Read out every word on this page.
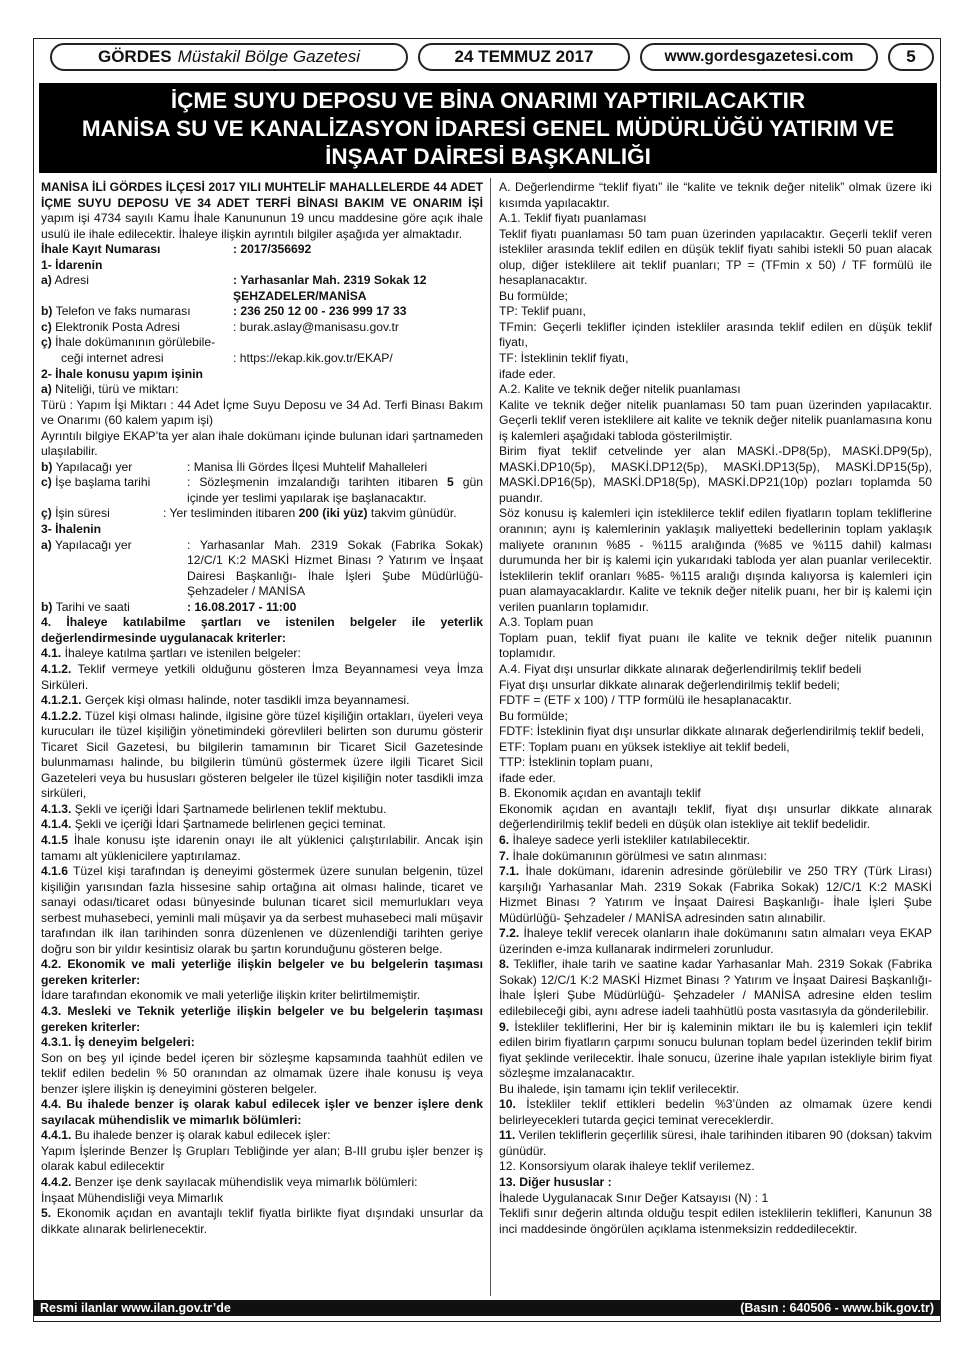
GÖRDES Müstakil Bölge Gazetesi	24 TEMMUZ 2017	www.gordesgazetesi.com	5
İÇME SUYU DEPOSU VE BİNA ONARIMI YAPTIRILACAKTIR
MANİSA SU VE KANALİZASYON İDARESİ GENEL MÜDÜRLÜĞÜ YATIRIM VE
İNŞAAT DAİRESİ BAŞKANLIĞI

MANİSA İLİ GÖRDES İLÇESİ 2017 YILI MUHTELİF MAHALLELERDE 44 ADET İÇME SUYU DEPOSU VE 34 ADET TERFİ BİNASI BAKIM VE ONARIM İŞİ yapım işi 4734 sayılı Kamu İhale Kanununun 19 uncu maddesine göre açık ihale usulü ile ihale edilecektir. İhaleye ilişkin ayrıntılı bilgiler aşağıda yer almaktadır.

İhale Kayıt Numarası	: 2017/356692

1- İdarenin

a) Adresi	: Yarhasanlar Mah. 2319 Sokak 12 ŞEHZADELER/MANİSA
b) Telefon ve faks numarası	: 236 250 12 00 - 236 999 17 33
c) Elektronik Posta Adresi	: burak.aslay@manisasu.gov.tr

ç) İhale dokümanının görülebile-

ceği internet adresi	: https://ekap.kik.gov.tr/EKAP/

2- İhale konusu yapım işinin

a) Niteliği, türü ve miktarı:

Türü : Yapım İşi Miktarı : 44 Adet İçme Suyu Deposu ve 34 Ad. Terfi Binası Bakım ve Onarımı (60 kalem yapım işi)

Ayrıntılı bilgiye EKAP’ta yer alan ihale dokümanı içinde bulunan idari şartnameden ulaşılabilir.

b) Yapılacağı yer	: Manisa İli Gördes İlçesi Muhtelif Mahalleleri
c) İşe başlama tarihi	: Sözleşmenin imzalandığı tarihten itibaren 5 gün içinde yer teslimi yapılarak işe başlanacaktır.
ç) İşin süresi	: Yer tesliminden itibaren 200 (iki yüz) takvim günüdür.

3- İhalenin

a) Yapılacağı yer	: Yarhasanlar Mah. 2319 Sokak (Fabrika Sokak) 12/C/1 K:2 MASKİ Hizmet Binası ? Yatırım ve İnşaat Dairesi Başkanlığı- İhale İşleri Şube Müdürlüğü- Şehzadeler / MANİSA
b) Tarihi ve saati	: 16.08.2017 - 11:00

4. İhaleye katılabilme şartları ve istenilen belgeler ile yeterlik değerlendirmesinde uygulanacak kriterler:

4.1. İhaleye katılma şartları ve istenilen belgeler:

4.1.2. Teklif vermeye yetkili olduğunu gösteren İmza Beyannamesi veya İmza Sirküleri.

4.1.2.1. Gerçek kişi olması halinde, noter tasdikli imza beyannamesi.

4.1.2.2. Tüzel kişi olması halinde, ilgisine göre tüzel kişiliğin ortakları, üyeleri veya kurucuları ile tüzel kişiliğin yönetimindeki görevlileri belirten son durumu gösterir Ticaret Sicil Gazetesi, bu bilgilerin tamamının bir Ticaret Sicil Gazetesinde bulunmaması halinde, bu bilgilerin tümünü göstermek üzere ilgili Ticaret Sicil Gazeteleri veya bu hususları gösteren belgeler ile tüzel kişiliğin noter tasdikli imza sirküleri,

4.1.3. Şekli ve içeriği İdari Şartnamede belirlenen teklif mektubu.

4.1.4. Şekli ve içeriği İdari Şartnamede belirlenen geçici teminat.

4.1.5 İhale konusu işte idarenin onayı ile alt yüklenici çalıştırılabilir. Ancak işin tamamı alt yüklenicilere yaptırılamaz.

4.1.6 Tüzel kişi tarafından iş deneyimi göstermek üzere sunulan belgenin, tüzel kişiliğin yarısından fazla hissesine sahip ortağına ait olması halinde, ticaret ve sanayi odası/ticaret odası bünyesinde bulunan ticaret sicil memurlukları veya serbest muhasebeci, yeminli mali müşavir ya da serbest muhasebeci mali müşavir tarafından ilk ilan tarihinden sonra düzenlenen ve düzenlendiği tarihten geriye doğru son bir yıldır kesintisiz olarak bu şartın korunduğunu gösteren belge.

4.2. Ekonomik ve mali yeterliğe ilişkin belgeler ve bu belgelerin taşıması gereken kriterler:

İdare tarafından ekonomik ve mali yeterliğe ilişkin kriter belirtilmemiştir.

4.3. Mesleki ve Teknik yeterliğe ilişkin belgeler ve bu belgelerin taşıması gereken kriterler:

4.3.1. İş deneyim belgeleri:

Son on beş yıl içinde bedel içeren bir sözleşme kapsamında taahhüt edilen ve teklif edilen bedelin % 50 oranından az olmamak üzere ihale konusu iş veya benzer işlere ilişkin iş deneyimini gösteren belgeler.

4.4. Bu ihalede benzer iş olarak kabul edilecek işler ve benzer işlere denk sayılacak mühendislik ve mimarlık bölümleri:

4.4.1. Bu ihalede benzer iş olarak kabul edilecek işler:

Yapım İşlerinde Benzer İş Grupları Tebliğinde yer alan; B-III grubu işler benzer iş olarak kabul edilecektir

4.4.2. Benzer işe denk sayılacak mühendislik veya mimarlık bölümleri:

İnşaat Mühendisliği veya Mimarlık

5. Ekonomik açıdan en avantajlı teklif fiyatla birlikte fiyat dışındaki unsurlar da dikkate alınarak belirlenecektir.

A. Değerlendirme “teklif fiyatı” ile “kalite ve teknik değer nitelik” olmak üzere iki kısımda yapılacaktır.

A.1. Teklif fiyatı puanlaması

Teklif fiyatı puanlaması 50 tam puan üzerinden yapılacaktır. Geçerli teklif veren istekliler arasında teklif edilen en düşük teklif fiyatı sahibi istekli 50 puan alacak olup, diğer isteklilere ait teklif puanları; TP = (TFmin x 50) / TF formülü ile hesaplanacaktır.

Bu formülde;

TP: Teklif puanı,

TFmin: Geçerli teklifler içinden istekliler arasında teklif edilen en düşük teklif fiyatı,

TF: İsteklinin teklif fiyatı,

ifade eder.

A.2. Kalite ve teknik değer nitelik puanlaması

Kalite ve teknik değer nitelik puanlaması 50 tam puan üzerinden yapılacaktır. Geçerli teklif veren isteklilere ait kalite ve teknik değer nitelik puanlamasına konu iş kalemleri aşağıdaki tabloda gösterilmiştir.

Birim fiyat teklif cetvelinde yer alan MASKİ.-DP8(5p), MASKİ.DP9(5p), MASKİ.DP10(5p), MASKİ.DP12(5p), MASKİ.DP13(5p), MASKİ.DP15(5p), MASKİ.DP16(5p), MASKİ.DP18(5p), MASKİ.DP21(10p) pozları toplamda 50 puandır.

Söz konusu iş kalemleri için isteklilerce teklif edilen fiyatların toplam tekliflerine oranının; aynı iş kalemlerinin yaklaşık maliyetteki bedellerinin toplam yaklaşık maliyete oranının %85 - %115 aralığında (%85 ve %115 dahil) kalması durumunda her bir iş kalemi için yukarıdaki tabloda yer alan puanlar verilecektir. İsteklilerin teklif oranları %85- %115 aralığı dışında kalıyorsa iş kalemleri için puan alamayacaklardır. Kalite ve teknik değer nitelik puanı, her bir iş kalemi için verilen puanların toplamıdır.

A.3. Toplam puan

Toplam puan, teklif fiyat puanı ile kalite ve teknik değer nitelik puanının toplamıdır.

A.4. Fiyat dışı unsurlar dikkate alınarak değerlendirilmiş teklif bedeli

Fiyat dışı unsurlar dikkate alınarak değerlendirilmiş teklif bedeli;

FDTF = (ETF x 100) / TTP formülü ile hesaplanacaktır.

Bu formülde;

FDTF: İsteklinin fiyat dışı unsurlar dikkate alınarak değerlendirilmiş teklif bedeli,

ETF: Toplam puanı en yüksek istekliye ait teklif bedeli,

TTP: İsteklinin toplam puanı,

ifade eder.

B. Ekonomik açıdan en avantajlı teklif

Ekonomik açıdan en avantajlı teklif, fiyat dışı unsurlar dikkate alınarak değerlendirilmiş teklif bedeli en düşük olan istekliye ait teklif bedelidir.

6. İhaleye sadece yerli istekliler katılabilecektir.

7. İhale dokümanının görülmesi ve satın alınması:

7.1. İhale dokümanı, idarenin adresinde görülebilir ve 250 TRY (Türk Lirası) karşılığı Yarhasanlar Mah. 2319 Sokak (Fabrika Sokak) 12/C/1 K:2 MASKİ Hizmet Binası ? Yatırım ve İnşaat Dairesi Başkanlığı- İhale İşleri Şube Müdürlüğü- Şehzadeler / MANİSA adresinden satın alınabilir.

7.2. İhaleye teklif verecek olanların ihale dokümanını satın almaları veya EKAP üzerinden e-imza kullanarak indirmeleri zorunludur.

8. Teklifler, ihale tarih ve saatine kadar Yarhasanlar Mah. 2319 Sokak (Fabrika Sokak) 12/C/1 K:2 MASKİ Hizmet Binası ? Yatırım ve İnşaat Dairesi Başkanlığı- İhale İşleri Şube Müdürlüğü- Şehzadeler / MANİSA adresine elden teslim edilebileceği gibi, aynı adrese iadeli taahhütlü posta vasıtasıyla da gönderilebilir.

9. İstekliler tekliflerini, Her bir iş kaleminin miktarı ile bu iş kalemleri için teklif edilen birim fiyatların çarpımı sonucu bulunan toplam bedel üzerinden teklif birim fiyat şeklinde verilecektir. İhale sonucu, üzerine ihale yapılan istekliyle birim fiyat sözleşme imzalanacaktır.

Bu ihalede, işin tamamı için teklif verilecektir.

10. İstekliler teklif ettikleri bedelin %3’ünden az olmamak üzere kendi belirleyecekleri tutarda geçici teminat vereceklerdir.

11. Verilen tekliflerin geçerlilik süresi, ihale tarihinden itibaren 90 (doksan) takvim günüdür.

12. Konsorsiyum olarak ihaleye teklif verilemez.

13. Diğer hususlar :

İhalede Uygulanacak Sınır Değer Katsayısı (N) : 1

Teklifi sınır değerin altında olduğu tespit edilen isteklilerin teklifleri, Kanunun 38 inci maddesinde öngörülen açıklama istenmeksizin reddedilecektir.

Resmi ilanlar www.ilan.gov.tr’de	(Basın : 640506 - www.bik.gov.tr)
